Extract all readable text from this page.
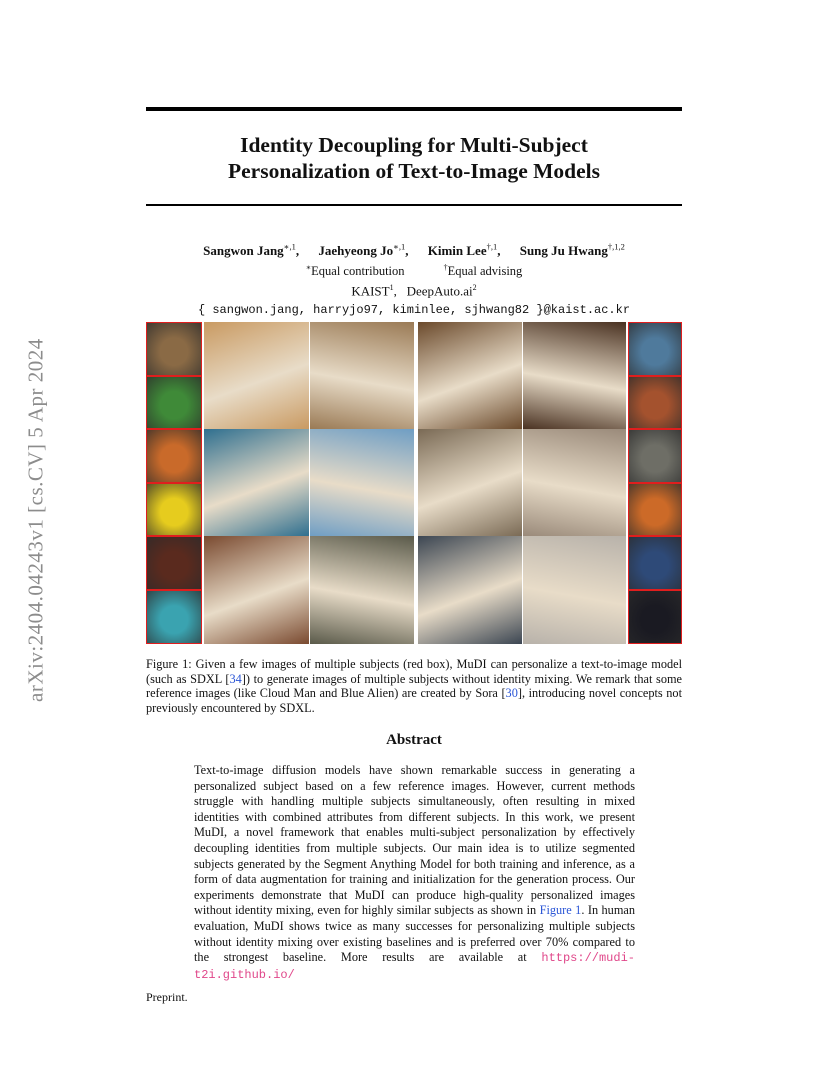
arXiv:2404.04243v1 [cs.CV] 5 Apr 2024
Identity Decoupling for Multi-Subject
Personalization of Text-to-Image Models
Sangwon Jang$^{∗,1}$, Jaehyeong $Jo^{∗,1}$, Kimin Lee$^{\dagger,1}$, Sung Ju Hwang$^{\dagger,1,2}$
∗Equal contribution	†Equal advising
KAIST$^1$,   $DeepAuto.ai^2$
{ sangwon.jang, harryjo97, kiminlee, sjhwang82 }@kaist.ac.kr
Figure 1: Given a few images of multiple subjects (red box), MuDI can personalize a text-to-image model (such as SDXL [34]) to generate images of multiple subjects without identity mixing. We remark that some reference images (like Cloud Man and Blue Alien) are created by Sora [30], introducing novel concepts not previously encountered by SDXL.
Abstract
Text-to-image diffusion models have shown remarkable success in generating a personalized subject based on a few reference images. However, current methods struggle with handling multiple subjects simultaneously, often resulting in mixed identities with combined attributes from different subjects. In this work, we present MuDI, a novel framework that enables multi-subject personalization by effectively decoupling identities from multiple subjects. Our main idea is to utilize segmented subjects generated by the Segment Anything Model for both training and inference, as a form of data augmentation for training and initialization for the generation process. Our experiments demonstrate that MuDI can produce high-quality personalized images without identity mixing, even for highly similar subjects as shown in Figure 1. In human evaluation, MuDI shows twice as many successes for personalizing multiple subjects without identity mixing over existing baselines and is preferred over 70% compared to the strongest baseline. More results are available at https://mudi-t2i.github.io/
Preprint.
